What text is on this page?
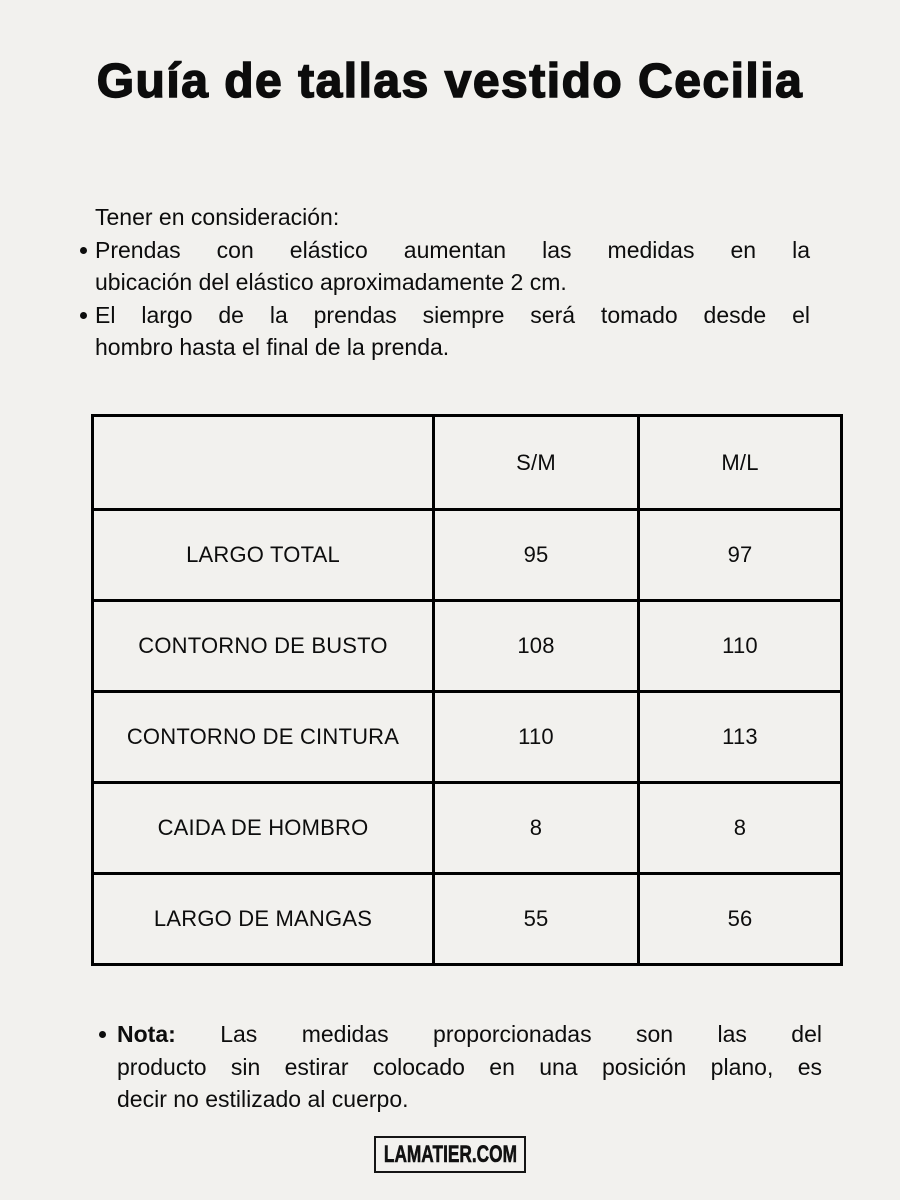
Guía de tallas vestido Cecilia
Tener en consideración:
Prendas con elástico aumentan las medidas en la
ubicación del elástico aproximadamente 2 cm.
El largo de la prendas siempre será tomado desde el
hombro hasta el final de la prenda.
	S/M	M/L
LARGO TOTAL	95	97
CONTORNO DE BUSTO	108	110
CONTORNO DE CINTURA	110	113
CAIDA DE HOMBRO	8	8
LARGO DE MANGAS	55	56
Nota: Las medidas proporcionadas son las del
producto sin estirar colocado en una posición plano, es
decir no estilizado al cuerpo.
LAMATIER.COM
